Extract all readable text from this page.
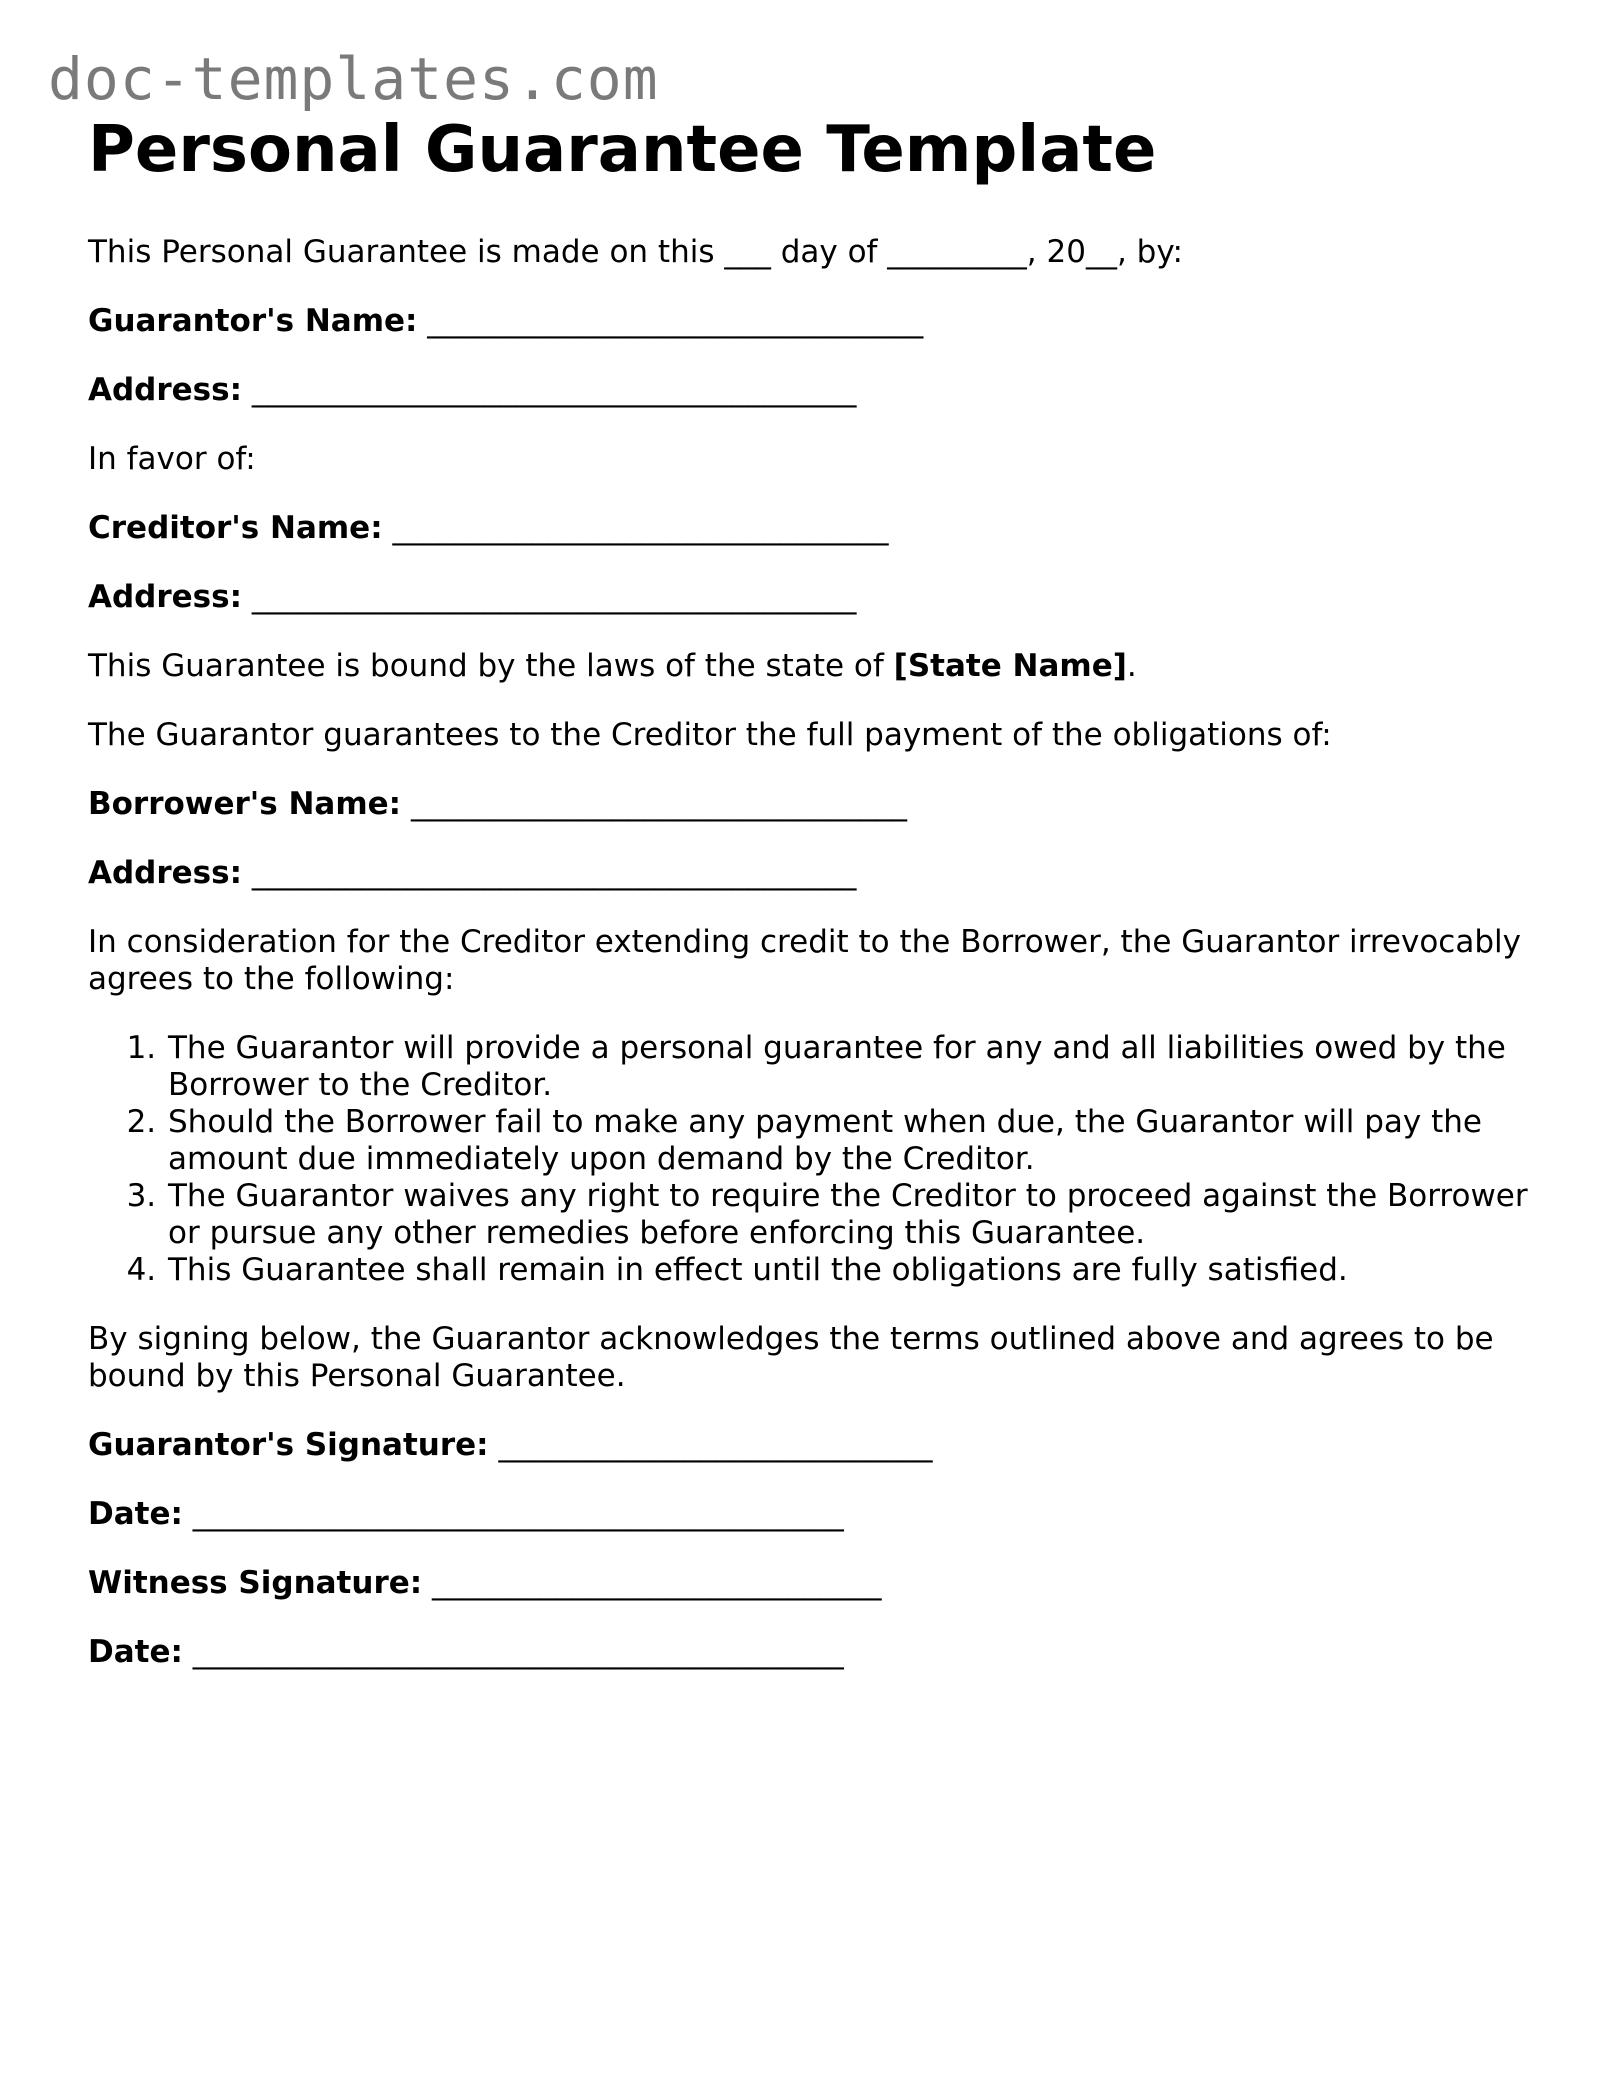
doc-templates.com
Personal Guarantee Template

This Personal Guarantee is made on this ___ day of _________, 20__, by:

Guarantor's Name: ________________________________

Address: _______________________________________

In favor of:

Creditor's Name: ________________________________

Address: _______________________________________

This Guarantee is bound by the laws of the state of [State Name].

The Guarantor guarantees to the Creditor the full payment of the obligations of:

Borrower's Name: ________________________________

Address: _______________________________________

In consideration for the Creditor extending credit to the Borrower, the Guarantor irrevocably agrees to the following:

1. The Guarantor will provide a personal guarantee for any and all liabilities owed by the Borrower to the Creditor.
2. Should the Borrower fail to make any payment when due, the Guarantor will pay the amount due immediately upon demand by the Creditor.
3. The Guarantor waives any right to require the Creditor to proceed against the Borrower or pursue any other remedies before enforcing this Guarantee.
4. This Guarantee shall remain in effect until the obligations are fully satisfied.

By signing below, the Guarantor acknowledges the terms outlined above and agrees to be bound by this Personal Guarantee.

Guarantor's Signature: ____________________________

Date: __________________________________________

Witness Signature: _____________________________

Date: __________________________________________
